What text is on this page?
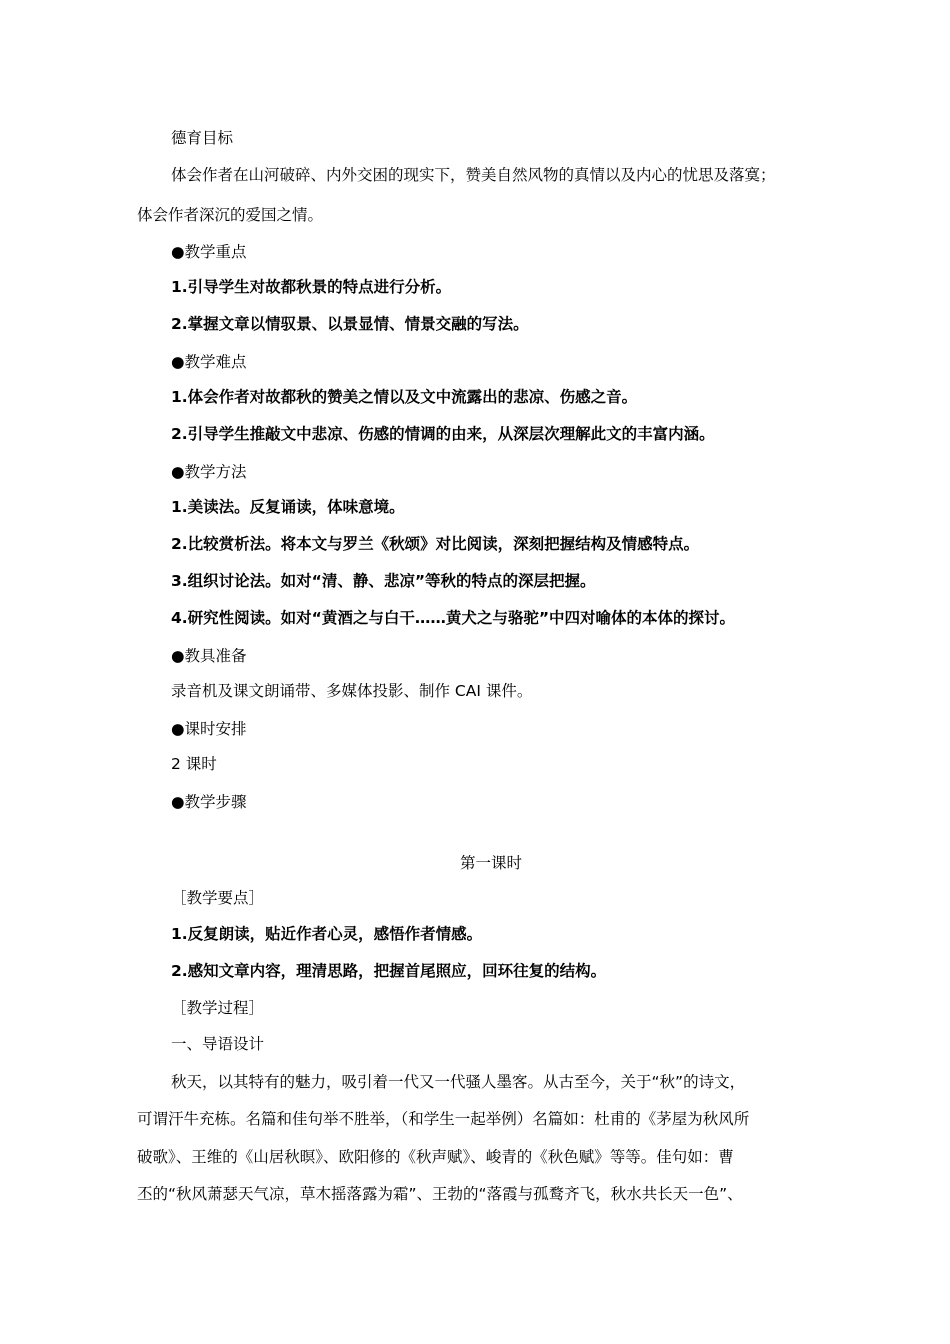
德育目标
体会作者在山河破碎、内外交困的现实下，赞美自然风物的真情以及内心的忧思及落寞；
体会作者深沉的爱国之情。
●教学重点
1.引导学生对故都秋景的特点进行分析。
2.掌握文章以情驭景、以景显情、情景交融的写法。
●教学难点
1.体会作者对故都秋的赞美之情以及文中流露出的悲凉、伤感之音。
2.引导学生推敲文中悲凉、伤感的情调的由来，从深层次理解此文的丰富内涵。
●教学方法
1.美读法。反复诵读，体味意境。
2.比较赏析法。将本文与罗兰《秋颂》对比阅读，深刻把握结构及情感特点。
3.组织讨论法。如对“清、静、悲凉”等秋的特点的深层把握。
4.研究性阅读。如对“黄酒之与白干……黄犬之与骆驼”中四对喻体的本体的探讨。
●教具准备
录音机及课文朗诵带、多媒体投影、制作 CAI 课件。
●课时安排
2 课时
●教学步骤
第一课时
［教学要点］
1.反复朗读，贴近作者心灵，感悟作者情感。
2.感知文章内容，理清思路，把握首尾照应，回环往复的结构。
［教学过程］
一、导语设计
秋天，以其特有的魅力，吸引着一代又一代骚人墨客。从古至今，关于“秋”的诗文，
可谓汗牛充栋。名篇和佳句举不胜举，（和学生一起举例）名篇如：杜甫的《茅屋为秋风所
破歌》、王维的《山居秋暝》、欧阳修的《秋声赋》、峻青的《秋色赋》等等。佳句如：曹
丕的“秋风萧瑟天气凉，草木摇落露为霜”、王勃的“落霞与孤鹜齐飞，秋水共长天一色”、
